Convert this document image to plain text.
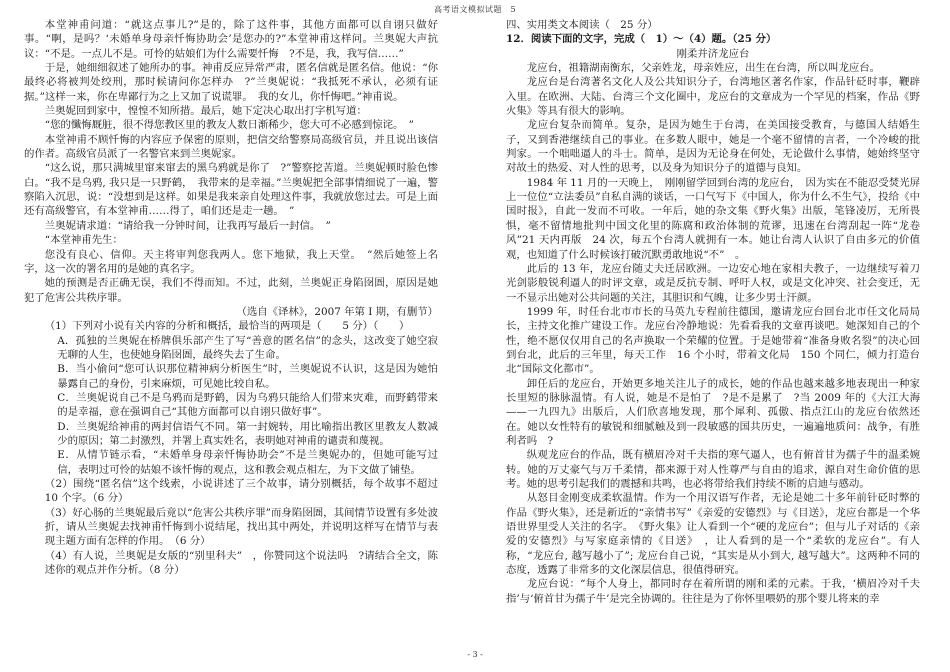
高考语文模拟试题　5

本堂神甫问道：“就这点事儿?”是的，除了这件事，其他方面都可以自诩只做好事。“啊，是吗？‘未婚单身母亲忏悔协助会’是您办的?”本堂神甫这样问。兰奥妮大声抗议：“不是。一点儿不是。可怜的姑娘们为什么需要忏悔　?不是，我，我写信……”

于是，她细细叙述了她所办的事。神甫反应异常严肃，匿名信就是匿名信。他说：“你最终必将被判处绞刑，那时候请问你怎样办　?”兰奥妮说：“我抵死不承认，必须有证据。”这样一来，你在卑鄙行为之上又加了说谎罪。　我的女儿，你忏悔吧。”神甫说。

兰奥妮回到家中，惶惶不知所措。最后，她下定决心取出打字机写道：

“您的懺悔厩脏，很不得您教区里的教友人数日渐稀少，您大可不必感到惊诧。　”

本堂神甫不顾忏悔的内容应予保密的原则，把信交给警察局高级官员，并且说出该信的作者。高级官员派了一名警官来到兰奥妮家。

“这么说，那只满城里窜来窜去的黑乌鸦就是你了　?”警察挖苦道。兰奥妮顿时脸色惨白。“我不是乌鸦, 我只是一只野鹤，　我带来的是幸福。”兰奥妮把全部事情细说了一遍，警察陷入沉思，说：“没想到是这样。如果是我来亲自处理这件事，我就放您过去。可是上面还有高级警官，有本堂神甫……得了，咱们还是走一趟。　”

兰奥妮请求道：“请给我一分钟时间，让我再写最后一封信。　”

“本堂神甫先生：

您没有良心、信仰。天主将审判您我两人。您下地狱，我上天堂。　”然后她签上名字，这一次的署名用的是她的真名字。

她的预测是否正确无误，我们不得而知。不过，此刻，兰奥妮正身陷囹圄，原因是她犯了危害公共秩序罪。

（选自《译林》，2007 年第 I 期，有删节）

（1）下列对小说有关内容的分析和概括，最恰当的两项是（　　5 分）（　　）

A．孤独的兰奥妮在桥牌俱乐部产生了写“善意的匿名信”的念头，这改变了她空寂无聊的人生，也使她身陷囹圄，最终失去了生命。

B．当小偷问“您可认识那位精神病分析医生”时，兰奥妮说不认识，这是因为她怕暴露自己的身份，引来麻烦，可见她比较自私。

C．兰奥妮说自己不是乌鸦而是野鹤，因为乌鸦只能给人们带来灾难，而野鹤带来的是幸福，意在强调自己“其他方面都可以自诩只做好事”。

D．兰奥妮给神甫的两封信语气不同。第一封婉转，用比喻指出教区里教友人数减少的原因；第二封激烈，并署上真实姓名，表明她对神甫的谴责和蔑视。

E．从情节链示看，“未婚单身母亲忏悔协助会”不是兰奥妮办的，但她可能写过信，表明过可怜的姑娘不该忏悔的观点，这和教会观点相左，为下文做了铺垫。

（2）围绕“匿名信”这个线索，小说讲述了三个故事，请分别概括，每个故事不超过 10 个字。（6 分）

（3）好心肠的兰奥妮最后竟以“危害公共秩序罪”而身陷囹圄，其间情节设置有多处波折，请从兰奥妮去找神甫忏悔到小说结尾，找出其中两处，并说明这样写在情节与表现主题方面有怎样的作用。　（6 分）

（4）有人说，兰奥妮是女版的“别里科夫”　，你赞同这个说法吗　?请结合全文，陈述你的观点并作分析。（8 分）

四、实用类文本阅读（　25 分）

12．阅读下面的文字，完成（　1）～（4）题。（25 分）

刚柔并济龙应台

龙应台，祖籍湖南衡东，父亲姓龙，母亲姓应，出生在台湾，所以叫龙应台。

龙应台是台湾著名文化人及公共知识分子，台湾地区著名作家，作品针砭时事，鞭辟入里。在欧洲、大陆、台湾三个文化圈中，龙应台的文章成为一个罕见的档案，作品《野火集》等具有很大的影响。

龙应台复杂而简单。复杂，是因为她生于台湾，在美国接受教育，与德国人结婚生子，又到香港继续自己的事业。在多数人眼中，她是一个毫不留情的言者，一个冷峻的批判家。一个咄咄逼人的斗士。简单，是因为无论身在何处，无论做什么事情，她始终坚守对故土的热爱、对人性的思考，以及身为知识分子的道德与良知。

1984 年 11 月的一天晚上，　刚刚留学回到台湾的龙应台，　因为实在不能忍受焚光屏上一位位“立法委员”自私自满的谈话，一口气写下《中国人，你为什么不生气》，投给《中国时报》，自此一发而不可收。一年后，她的杂文集《野火集》出版，笔锋凌厉，无所畏惧，毫不留情地批判中国文化里的陈腐和政治体制的荒谬，迅速在台湾刮起一阵“龙卷风”21 天内再版　24 次，每五个台湾人就拥有一本。她让台湾人认识了自由多元的价值观，也知道了什么时候该打破沉默勇敢地说“不”　。

此后的 13 年，龙应台随丈夫迁居欧洲。一边安心地在家相夫教子，一边继续写着刀光剑影般锐利逼人的时评文章，或是反抗专制、呼吁人权，或是文化冲突、社会变迁，无一不显示出她对公共问题的关注，其胆识和气魄，让多少男士汗颜。

1999 年，时任台北市市长的马英九专程前往德国，邀请龙应台回台北市任文化局局长，主持文化推广建设工作。龙应台冷静地说：先看看我的文章再谈吧。她深知自己的个性，绝不愿仅仅用自己的名声换取一个荣耀的位置。于是她带着“准备身败名裂”的决心回到台北，此后的三年里，每天工作　16 个小时，带着文化局　150 个同仁，倾力打造台北“国际文化都市”。

卸任后的龙应台，开始更多地关注儿子的成长，她的作品也越来越多地表现出一种家长里短的脉脉温情。有人说，她是不是怕了　?是不是累了　?当 2009 年的《大江大海——一九四九》出版后，人们欣喜地发现，那个犀利、孤傲、指点江山的龙应台依然还在。她以女性特有的敏锐和细腻触及到一段敏感的国共历史，一遍遍地质问：战争，有胜利者吗　?

纵观龙应台的作品，既有横眉冷对千夫指的寒气逼人，也有俯首甘为孺子牛的温柔婉转。她的万丈豪气与万千柔情，都来源于对人性尊严与自由的追求，源自对生命价值的思考。她的思考引起我们的震撼和共鸣，也必将带给我们持续不断的启迪与感动。

从怒目金刚变成柔软温情。作为一个用汉语写作者，无论是她二十多年前针砭时弊的作品《野火集》，还是新近的“亲情书写”《亲爱的安德烈》与《目送》，龙应台都是一个华语世界里受人关注的名字。　《野火集》让人看到一个“硬的龙应台”；但与儿子对话的《亲爱的安德烈》与写家庭亲情的《目送》　，让人看到的是一个“柔软的龙应台”。有人称，“龙应台, 越写越小了”; 龙应台自己说，“其实是从小到大, 越写越大”。这两种不同的态度，透露了非常多的文化深层信息，很值得研究。

龙应台说：“每个人身上，都同时存在着所谓的刚和柔的元素。于我，‘横眉冷对千夫指’与‘俯首甘为孺子牛’是完全协调的。往往是为了你怀里喂奶的那个婴儿将来的幸

- 3 -
